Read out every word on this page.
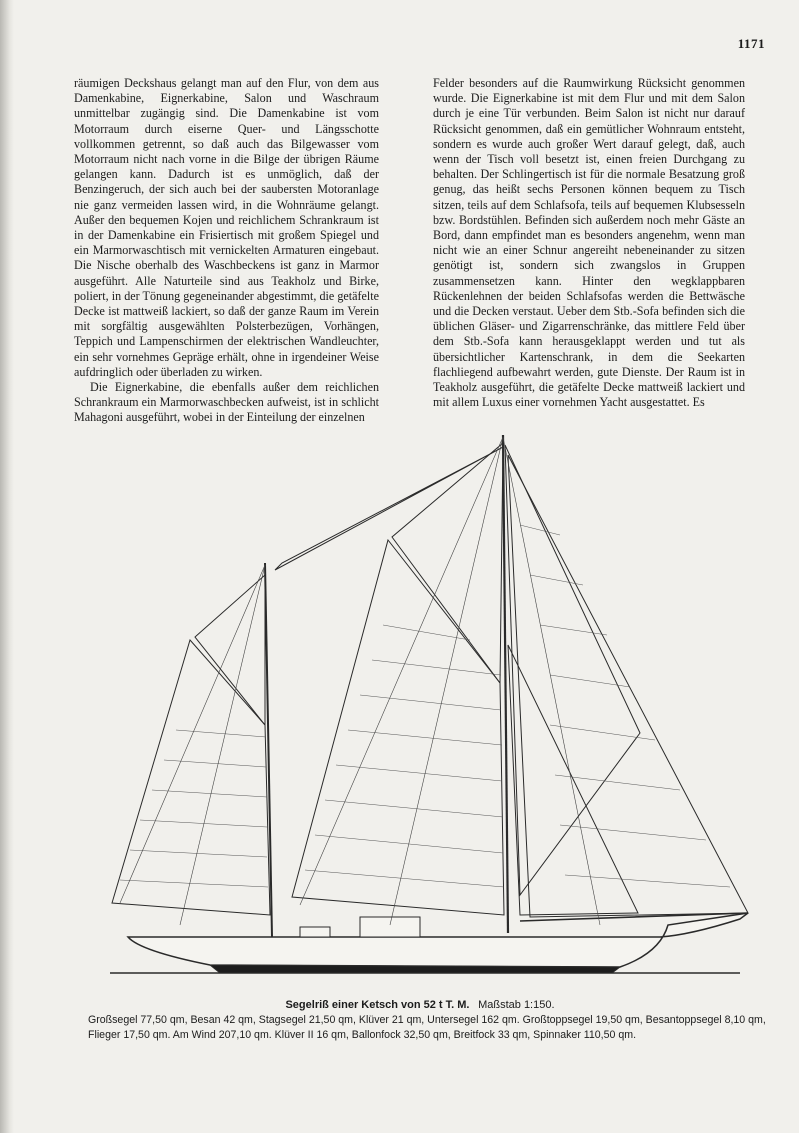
1171

räumigen Deckshaus gelangt man auf den Flur, von dem aus Damenkabine, Eignerkabine, Salon und Waschraum unmittelbar zugängig sind. Die Damenkabine ist vom Motorraum durch eiserne Quer- und Längsschotte vollkommen getrennt, so daß auch das Bilgewasser vom Motorraum nicht nach vorne in die Bilge der übrigen Räume gelangen kann. Dadurch ist es unmöglich, daß der Benzingeruch, der sich auch bei der saubersten Motoranlage nie ganz vermeiden lassen wird, in die Wohnräume gelangt. Außer den bequemen Kojen und reichlichem Schrankraum ist in der Damenkabine ein Frisiertisch mit großem Spiegel und ein Marmorwaschtisch mit vernickelten Armaturen eingebaut. Die Nische oberhalb des Waschbeckens ist ganz in Marmor ausgeführt. Alle Naturteile sind aus Teakholz und Birke, poliert, in der Tönung gegeneinander abgestimmt, die getäfelte Decke ist mattweiß lackiert, so daß der ganze Raum im Verein mit sorgfältig ausgewählten Polsterbezügen, Vorhängen, Teppich und Lampenschirmen der elektrischen Wandleuchter, ein sehr vornehmes Gepräge erhält, ohne in irgendeiner Weise aufdringlich oder überladen zu wirken.

Die Eignerkabine, die ebenfalls außer dem reichlichen Schrankraum ein Marmorwaschbecken aufweist, ist in schlicht Mahagoni ausgeführt, wobei in der Einteilung der einzelnen

Felder besonders auf die Raumwirkung Rücksicht genommen wurde. Die Eignerkabine ist mit dem Flur und mit dem Salon durch je eine Tür verbunden. Beim Salon ist nicht nur darauf Rücksicht genommen, daß ein gemütlicher Wohnraum entsteht, sondern es wurde auch großer Wert darauf gelegt, daß, auch wenn der Tisch voll besetzt ist, einen freien Durchgang zu behalten. Der Schlingertisch ist für die normale Besatzung groß genug, das heißt sechs Personen können bequem zu Tisch sitzen, teils auf dem Schlafsofa, teils auf bequemen Klubsesseln bzw. Bordstühlen. Befinden sich außerdem noch mehr Gäste an Bord, dann empfindet man es besonders angenehm, wenn man nicht wie an einer Schnur angereiht nebeneinander zu sitzen genötigt ist, sondern sich zwangslos in Gruppen zusammensetzen kann. Hinter den wegklappbaren Rückenlehnen der beiden Schlafsofas werden die Bettwäsche und die Decken verstaut. Ueber dem Stb.-Sofa befinden sich die üblichen Gläser- und Zigarrenschränke, das mittlere Feld über dem Stb.-Sofa kann herausgeklappt werden und tut als übersichtlicher Kartenschrank, in dem die Seekarten flachliegend aufbewahrt werden, gute Dienste. Der Raum ist in Teakholz ausgeführt, die getäfelte Decke mattweiß lackiert und mit allem Luxus einer vornehmen Yacht ausgestattet. Es

Segelriß einer Ketsch von 52 t T. M. Maßstab 1:150.
Großsegel 77,50 qm, Besan 42 qm, Stagsegel 21,50 qm, Klüver 21 qm, Untersegel 162 qm. Großtoppsegel 19,50 qm, Besantoppsegel 8,10 qm,
Flieger 17,50 qm. Am Wind 207,10 qm. Klüver II 16 qm, Ballonfock 32,50 qm, Breitfock 33 qm, Spinnaker 110,50 qm.
